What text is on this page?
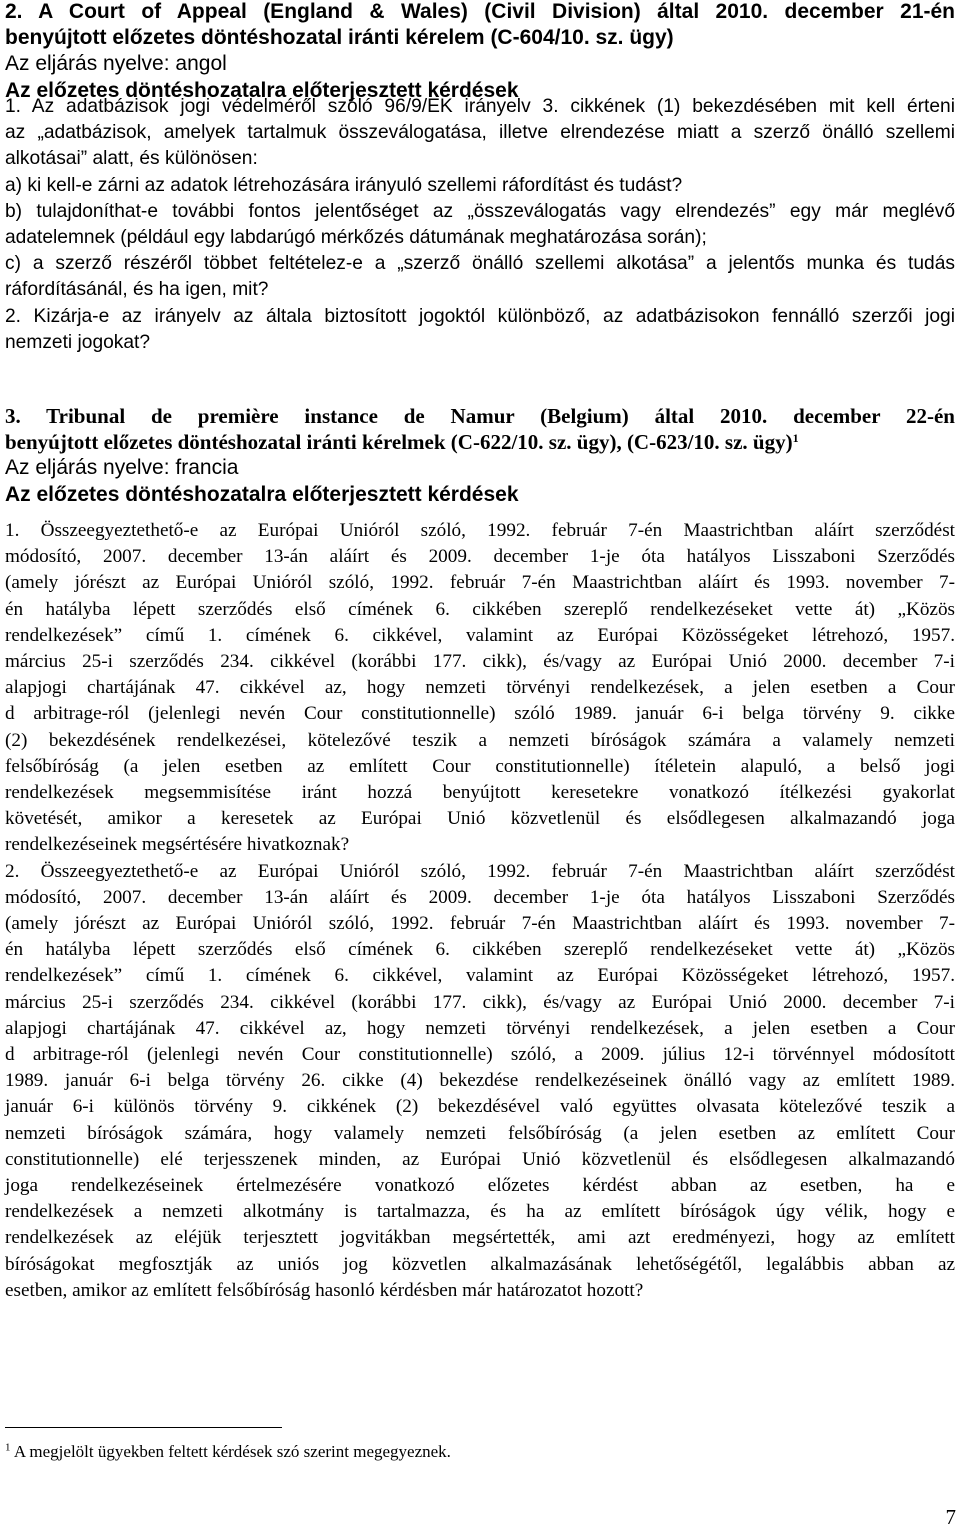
2. A Court of Appeal (England & Wales) (Civil Division) által 2010. december 21-én
benyújtott előzetes döntéshozatal iránti kérelem (C-604/10. sz. ügy)
Az eljárás nyelve: angol
Az előzetes döntéshozatalra előterjesztett kérdések
1. Az adatbázisok jogi védelméről szóló 96/9/EK irányelv 3. cikkének (1) bekezdésében mit kell érteni
az „adatbázisok, amelyek tartalmuk összeválogatása, illetve elrendezése miatt a szerző önálló szellemi
alkotásai” alatt, és különösen:
a) ki kell-e zárni az adatok létrehozására irányuló szellemi ráfordítást és tudást?
b) tulajdoníthat-e további fontos jelentőséget az „összeválogatás vagy elrendezés” egy már meglévő
adatelemnek (például egy labdarúgó mérkőzés dátumának meghatározása során);
c) a szerző részéről többet feltételez-e a „szerző önálló szellemi alkotása” a jelentős munka és tudás
ráfordításánál, és ha igen, mit?
2. Kizárja-e az irányelv az általa biztosított jogoktól különböző, az adatbázisokon fennálló szerzői jogi
nemzeti jogokat?
3. Tribunal de première instance de Namur (Belgium) által 2010. december 22-én
benyújtott előzetes döntéshozatal iránti kérelmek (C-622/10. sz. ügy), (C-623/10. sz. ügy)$^1$
Az eljárás nyelve: francia
Az előzetes döntéshozatalra előterjesztett kérdések
1. Összeegyeztethető-e az Európai Unióról szóló, 1992. február 7-én Maastrichtban aláírt szerződést
módosító, 2007. december 13-án aláírt és 2009. december 1-je óta hatályos Lisszaboni Szerződés
(amely jórészt az Európai Unióról szóló, 1992. február 7-én Maastrichtban aláírt és 1993. november 7-
én hatályba lépett szerződés első címének 6. cikkében szereplő rendelkezéseket vette át) „Közös
rendelkezések” című 1. címének 6. cikkével, valamint az Európai Közösségeket létrehozó, 1957.
március 25-i szerződés 234. cikkével (korábbi 177. cikk), és/vagy az Európai Unió 2000. december 7-i
alapjogi chartájának 47. cikkével az, hogy nemzeti törvényi rendelkezések, a jelen esetben a Cour
d arbitrage-ról (jelenlegi nevén Cour constitutionnelle) szóló 1989. január 6-i belga törvény 9. cikke
(2) bekezdésének rendelkezései, kötelezővé teszik a nemzeti bíróságok számára a valamely nemzeti
felsőbíróság (a jelen esetben az említett Cour constitutionnelle) ítéletein alapuló, a belső jogi
rendelkezések megsemmisítése iránt hozzá benyújtott keresetekre vonatkozó ítélkezési gyakorlat
követését, amikor a keresetek az Európai Unió közvetlenül és elsődlegesen alkalmazandó joga
rendelkezéseinek megsértésére hivatkoznak?
2. Összeegyeztethető-e az Európai Unióról szóló, 1992. február 7-én Maastrichtban aláírt szerződést
módosító, 2007. december 13-án aláírt és 2009. december 1-je óta hatályos Lisszaboni Szerződés
(amely jórészt az Európai Unióról szóló, 1992. február 7-én Maastrichtban aláírt és 1993. november 7-
én hatályba lépett szerződés első címének 6. cikkében szereplő rendelkezéseket vette át) „Közös
rendelkezések” című 1. címének 6. cikkével, valamint az Európai Közösségeket létrehozó, 1957.
március 25-i szerződés 234. cikkével (korábbi 177. cikk), és/vagy az Európai Unió 2000. december 7-i
alapjogi chartájának 47. cikkével az, hogy nemzeti törvényi rendelkezések, a jelen esetben a Cour
d arbitrage-ról (jelenlegi nevén Cour constitutionnelle) szóló, a 2009. július 12-i törvénnyel módosított
1989. január 6-i belga törvény 26. cikke (4) bekezdése rendelkezéseinek önálló vagy az említett 1989.
január 6-i különös törvény 9. cikkének (2) bekezdésével való együttes olvasata kötelezővé teszik a
nemzeti bíróságok számára, hogy valamely nemzeti felsőbíróság (a jelen esetben az említett Cour
constitutionnelle) elé terjesszenek minden, az Európai Unió közvetlenül és elsődlegesen alkalmazandó
joga rendelkezéseinek értelmezésére vonatkozó előzetes kérdést abban az esetben, ha e
rendelkezések a nemzeti alkotmány is tartalmazza, és ha az említett bíróságok úgy vélik, hogy e
rendelkezések az eléjük terjesztett jogvitákban megsértették, ami azt eredményezi, hogy az említett
bíróságokat megfosztják az uniós jog közvetlen alkalmazásának lehetőségétől, legalábbis abban az
esetben, amikor az említett felsőbíróság hasonló kérdésben már határozatot hozott?
$^1$ A megjelölt ügyekben feltett kérdések szó szerint megegyeznek.
7
